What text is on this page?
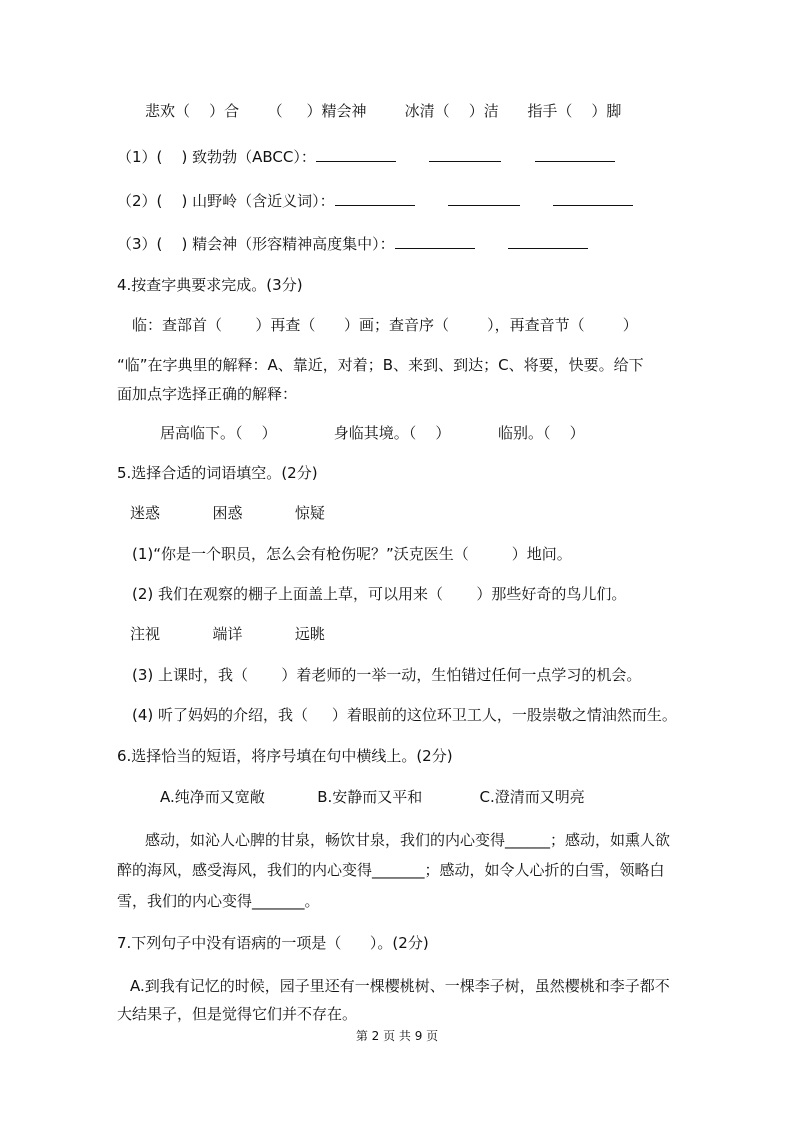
悲欢（    ）合      （     ）精会神        冰清（    ）洁      指手（    ）脚
（1）(    ) 致勃勃（ABCC）：
（2）(    ) 山野岭（含近义词）：
（3）(    ) 精会神（形容精神高度集中）：
4.按查字典要求完成。(3分)
临：查部首（       ）再查（      ）画；查音序（        ），再查音节（        ）
“临”在字典里的解释：A、靠近，对着；B、来到、到达；C、将要，快要。给下
面加点字选择正确的解释：
居高临下。（    ）            身临其境。（    ）          临别。（    ）
5.选择合适的词语填空。(2分)
迷惑           困惑           惊疑
(1)“你是一个职员，怎么会有枪伤呢？”沃克医生（         ）地问。
(2) 我们在观察的棚子上面盖上草，可以用来（       ）那些好奇的鸟儿们。
注视           端详           远眺
(3) 上课时，我（       ）着老师的一举一动，生怕错过任何一点学习的机会。
(4) 听了妈妈的介绍，我（     ）着眼前的这位环卫工人，一股崇敬之情油然而生。
6.选择恰当的短语，将序号填在句中横线上。(2分)
A.纯净而又宽敞           B.安静而又平和            C.澄清而又明亮
感动，如沁人心脾的甘泉，畅饮甘泉，我们的内心变得______；感动，如熏人欲
醉的海风，感受海风，我们的内心变得_______；感动，如令人心折的白雪，领略白
雪，我们的内心变得_______。
7.下列句子中没有语病的一项是（      ）。(2分)
A.到我有记忆的时候，园子里还有一棵樱桃树、一棵李子树，虽然樱桃和李子都不
大结果子，但是觉得它们并不存在。
第 2 页 共 9 页
